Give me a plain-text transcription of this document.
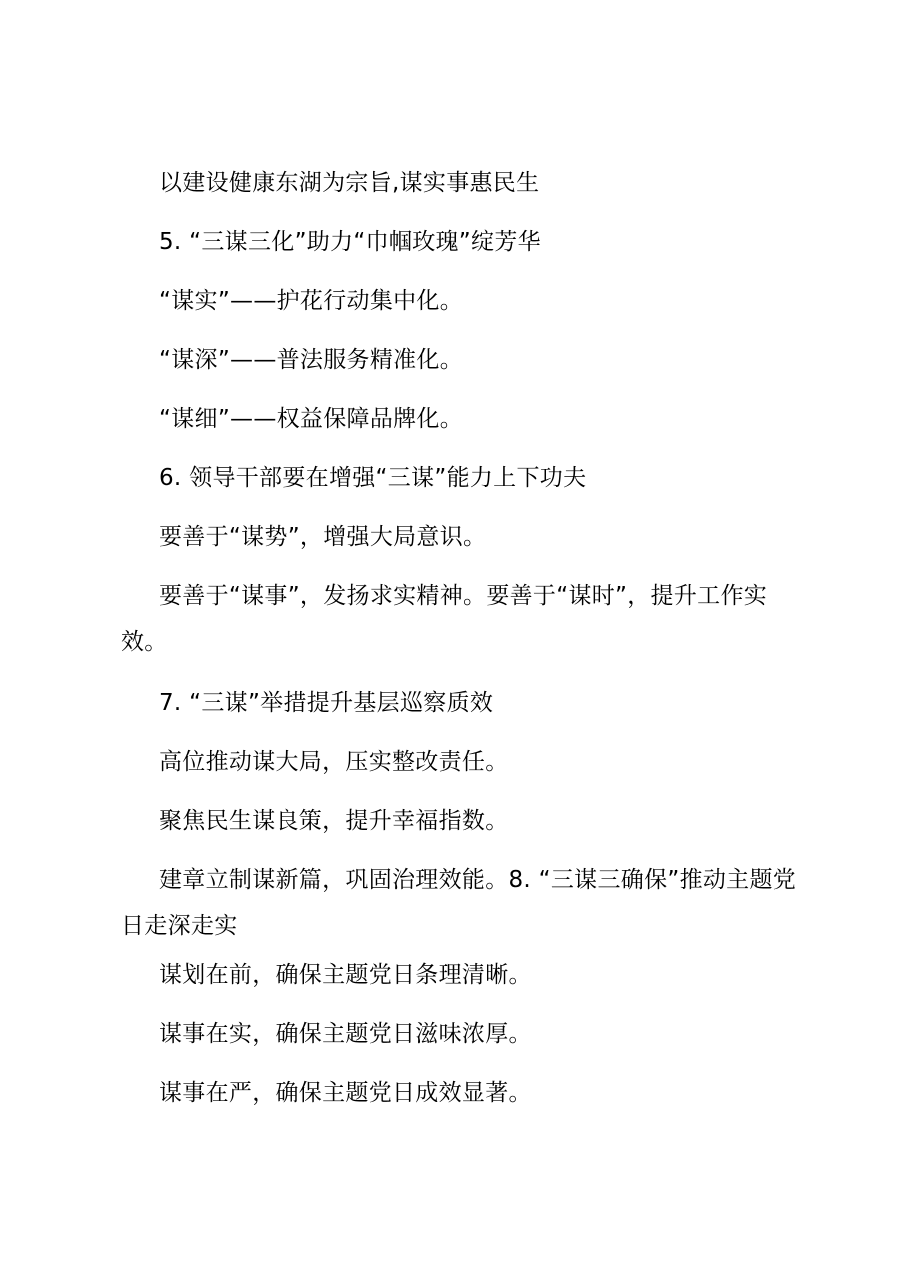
以建设健康东湖为宗旨,谋实事惠民生

5. “三谋三化”助力“巾帼玫瑰”绽芳华

“谋实”——护花行动集中化。

“谋深”——普法服务精准化。

“谋细”——权益保障品牌化。

6. 领导干部要在增强“三谋”能力上下功夫

要善于“谋势”，增强大局意识。

要善于“谋事”，发扬求实精神。要善于“谋时”，提升工作实效。

7. “三谋”举措提升基层巡察质效

高位推动谋大局，压实整改责任。

聚焦民生谋良策，提升幸福指数。

建章立制谋新篇，巩固治理效能。8. “三谋三确保”推动主题党日走深走实

谋划在前，确保主题党日条理清晰。

谋事在实，确保主题党日滋味浓厚。

谋事在严，确保主题党日成效显著。
